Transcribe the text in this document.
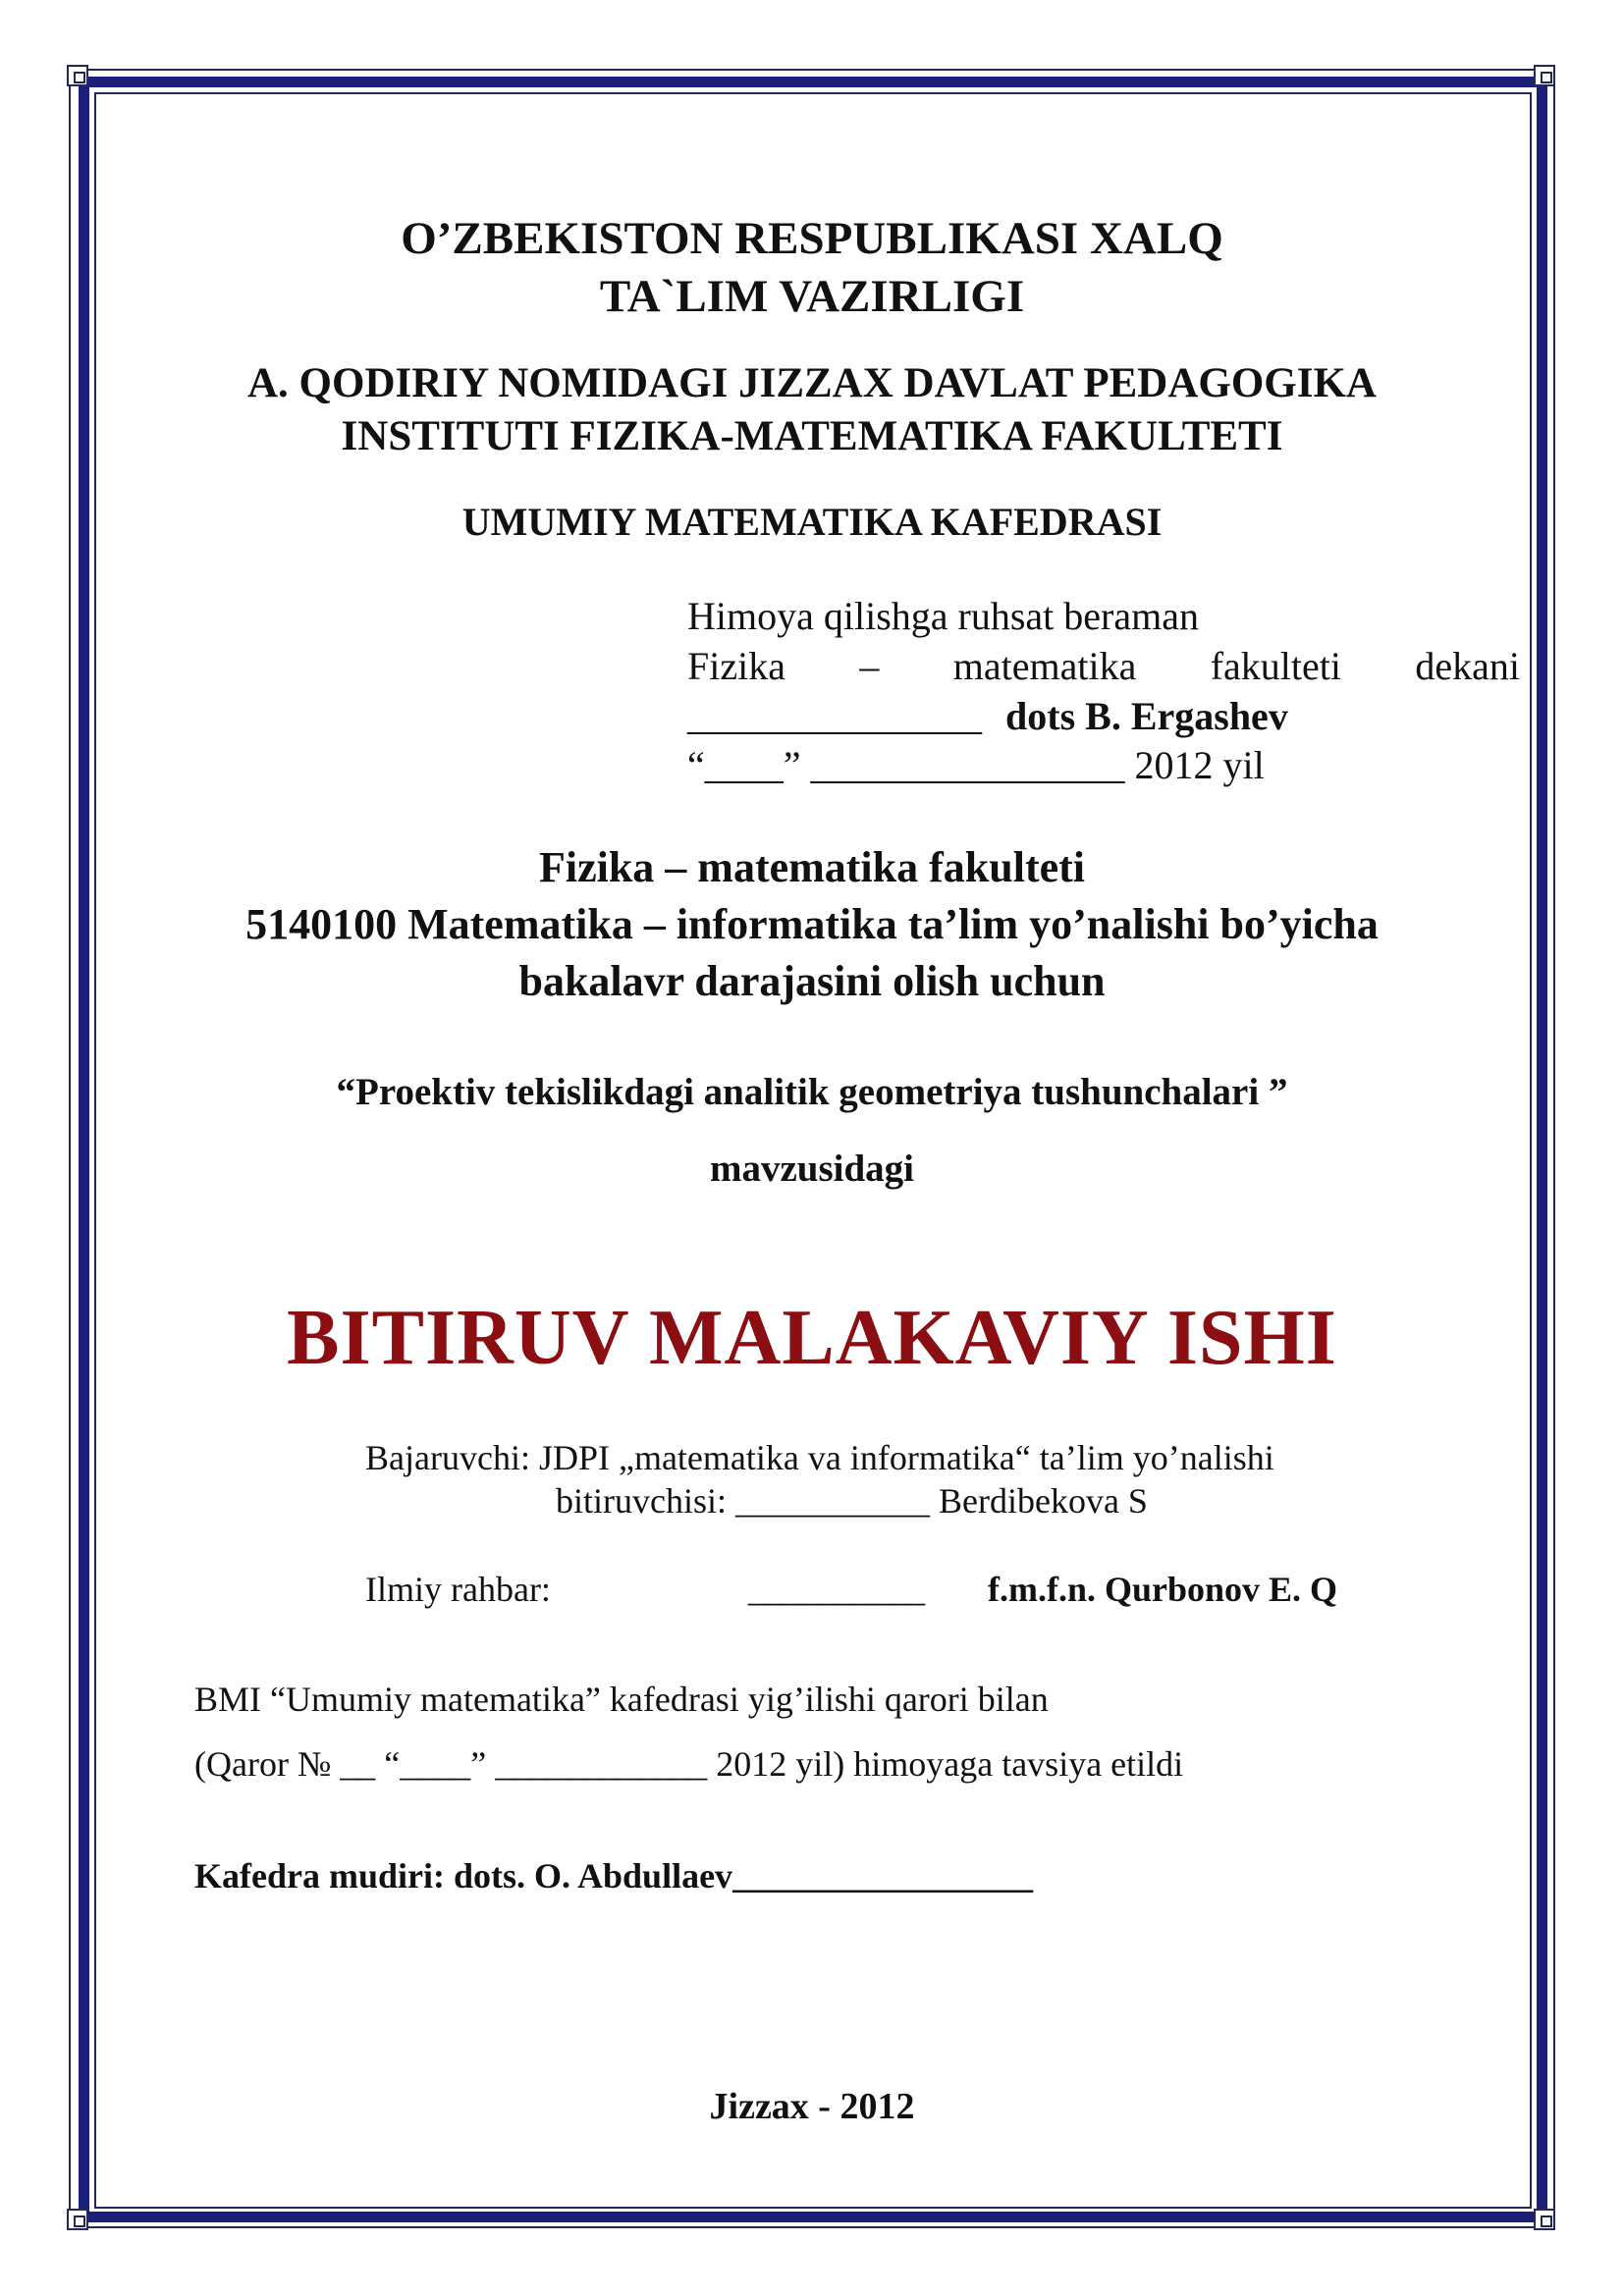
O’ZBEKISTON RESPUBLIKASI XALQ
TA`LIM VAZIRLIGI
A. QODIRIY NOMIDAGI JIZZAX DAVLAT PEDAGOGIKA
INSTITUTI FIZIKA-MATEMATIKA FAKULTETI
UMUMIY MATEMATIKA KAFEDRASI
Himoya qilishga ruhsat beraman
Fizika – matematika fakulteti dekani
_______________ dots B. Ergashev
“____” ________________ 2012 yil
Fizika – matematika fakulteti
5140100 Matematika – informatika ta’lim yo’nalishi bo’yicha
bakalavr darajasini olish uchun
“Proektiv tekislikdagi analitik geometriya tushunchalari ”
mavzusidagi
BITIRUV MALAKAVIY ISHI
Bajaruvchi: JDPI „matematika va informatika“ ta’lim yo’nalishi
bitiruvchisi: ___________ Berdibekova S
Ilmiy rahbar:	__________ f.m.f.n. Qurbonov E. Q
BMI “Umumiy matematika” kafedrasi yig’ilishi qarori bilan
(Qaror № __ “____” ____________ 2012 yil) himoyaga tavsiya etildi
Kafedra mudiri: dots. O. Abdullaev_________________
Jizzax - 2012
